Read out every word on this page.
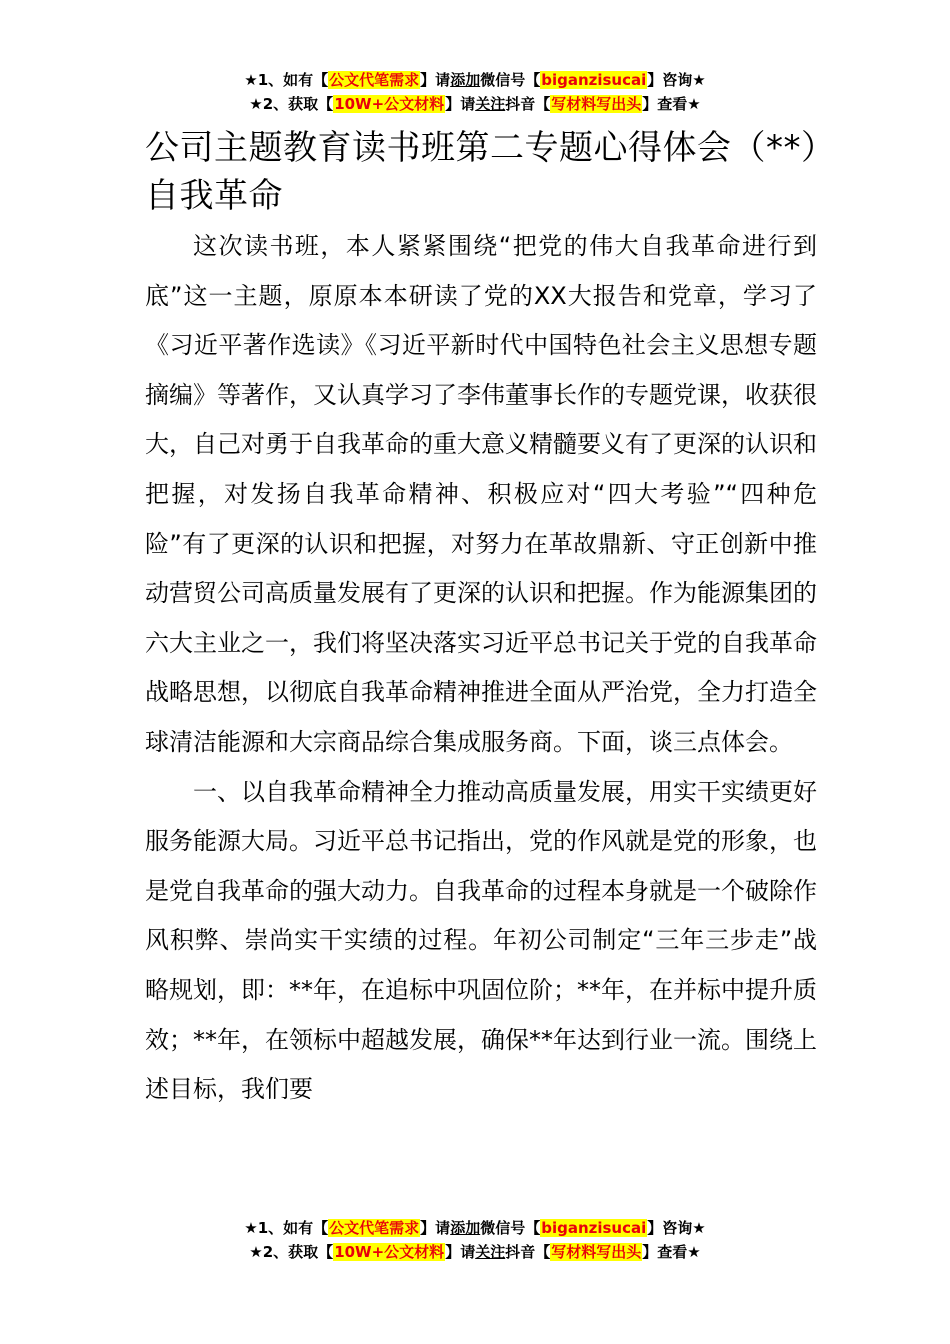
★1、如有【公文代笔需求】请添加微信号【biganzisucai】咨询★
★2、获取【10W+公文材料】请关注抖音【写材料写出头】查看★
公司主题教育读书班第二专题心得体会（**）自我革命

这次读书班，本人紧紧围绕“把党的伟大自我革命进行到底”这一主题，原原本本研读了党的XX大报告和党章，学习了《习近平著作选读》《习近平新时代中国特色社会主义思想专题摘编》等著作，又认真学习了李伟董事长作的专题党课，收获很大，自己对勇于自我革命的重大意义精髓要义有了更深的认识和把握，对发扬自我革命精神、积极应对“四大考验”“四种危险”有了更深的认识和把握，对努力在革故鼎新、守正创新中推动营贸公司高质量发展有了更深的认识和把握。作为能源集团的六大主业之一，我们将坚决落实习近平总书记关于党的自我革命战略思想，以彻底自我革命精神推进全面从严治党，全力打造全球清洁能源和大宗商品综合集成服务商。下面，谈三点体会。

一、以自我革命精神全力推动高质量发展，用实干实绩更好服务能源大局。习近平总书记指出，党的作风就是党的形象，也是党自我革命的强大动力。自我革命的过程本身就是一个破除作风积弊、崇尚实干实绩的过程。年初公司制定“三年三步走”战略规划，即：**年，在追标中巩固位阶；**年，在并标中提升质效；**年，在领标中超越发展，确保**年达到行业一流。围绕上述目标，我们要

★1、如有【公文代笔需求】请添加微信号【biganzisucai】咨询★
★2、获取【10W+公文材料】请关注抖音【写材料写出头】查看★
